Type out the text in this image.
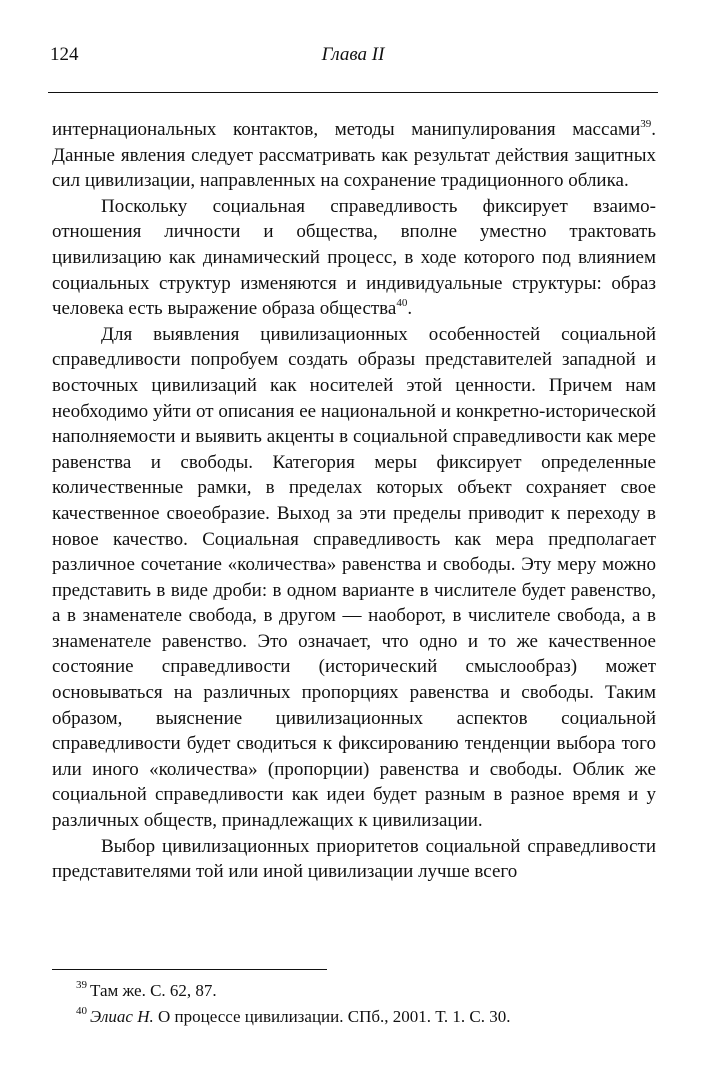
124	Глава II

интернациональных контактов, методы манипулирования массами$^{39}$. Данные явления следует рассматривать как результат действия защитных сил цивилизации, направленных на сохранение традиционного облика.

Поскольку социальная справедливость фиксирует взаимоотношения личности и общества, вполне уместно трактовать цивилизацию как динамический процесс, в ходе которого под влиянием социальных структур изменяются и индивидуальные структуры: образ человека есть выражение образа общества$^{40}$.

Для выявления цивилизационных особенностей социальной справедливости попробуем создать образы представителей западной и восточных цивилизаций как носителей этой ценности. Причем нам необходимо уйти от описания ее национальной и конкретно-исторической наполняемости и выявить акценты в социальной справедливости как мере равенства и свободы. Категория меры фиксирует определенные количественные рамки, в пределах которых объект сохраняет свое качественное своеобразие. Выход за эти пределы приводит к переходу в новое качество. Социальная справедливость как мера предполагает различное сочетание «количества» равенства и свободы. Эту меру можно представить в виде дроби: в одном варианте в числителе будет равенство, а в знаменателе свобода, в другом — наоборот, в числителе свобода, а в знаменателе равенство. Это означает, что одно и то же качественное состояние справедливости (исторический смыслообраз) может основываться на различных пропорциях равенства и свободы. Таким образом, выяснение цивилизационных аспектов социальной справедливости будет сводиться к фиксированию тенденции выбора того или иного «количества» (пропорции) равенства и свободы. Облик же социальной справедливости как идеи будет разным в разное время и у различных обществ, принадлежащих к цивилизации.

Выбор цивилизационных приоритетов социальной справедливости представителями той или иной цивилизации лучше всего

$^{39}$ Там же. С. 62, 87.
$^{40}$ Элиас Н. О процессе цивилизации. СПб., 2001. Т. 1. С. 30.
